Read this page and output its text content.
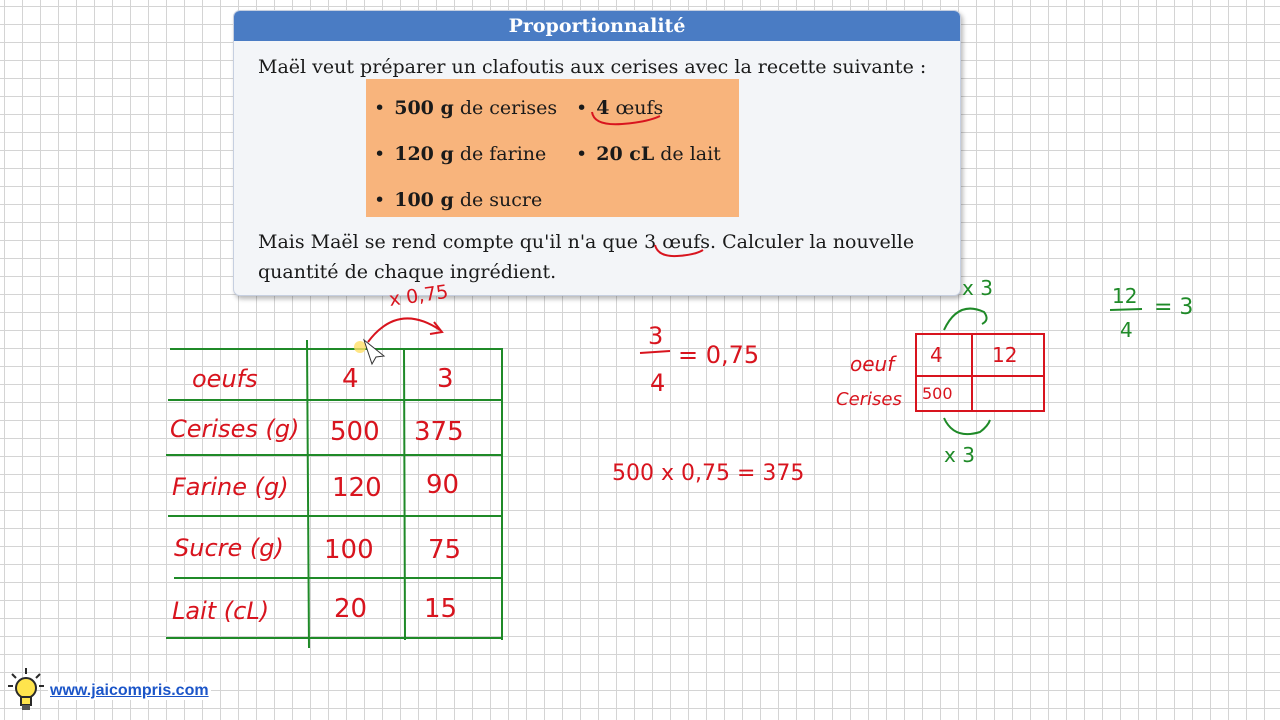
Proportionnalité
Maël veut préparer un clafoutis aux cerises avec la recette suivante :
• 500 g de cerises • 4 œufs
• 120 g de farine • 20 cL de lait
• 100 g de sucre
Mais Maël se rend compte qu'il n'a que 3 œufs. Calculer la nouvelle quantité de chaque ingrédient.
x 0,75
oeufs	4	3
Cerises (g) 500 375
Farine (g) 120 90
Sucre (g) 100 75
Lait (cL) 20 15
3
4
= 0,75
500 x 0,75 = 375
oeuf
Cerises
4 12
500
x 3
x 3
12
4
= 3
www.jaicompris.com
